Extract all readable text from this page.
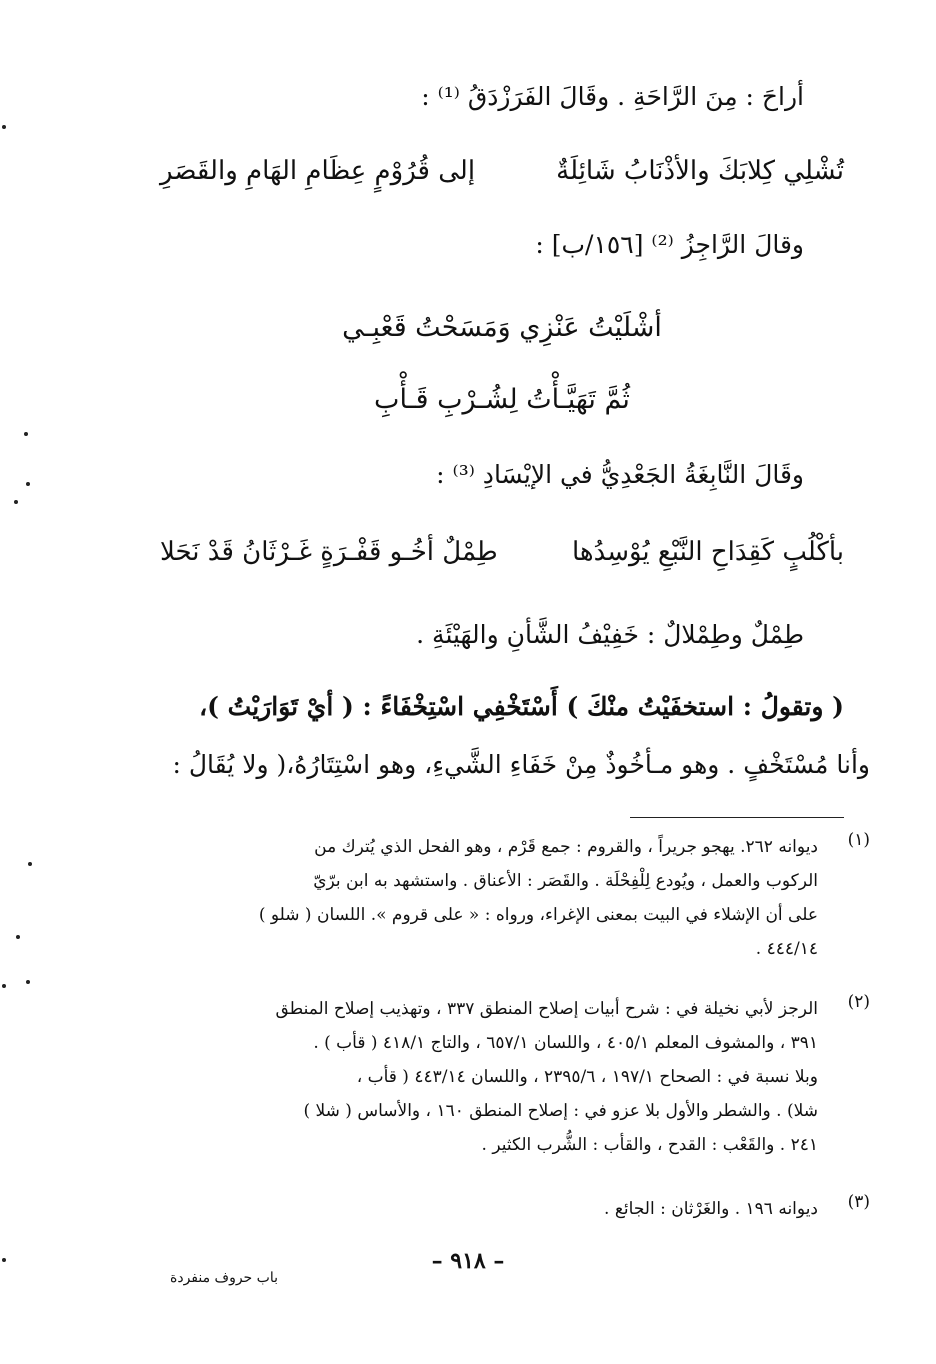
أراحَ : مِنَ الرَّاحَةِ . وقَالَ الفَرَزْدَقُ ⁽¹⁾ :
تُشْلِي كِلابَكَ والأذْنَابُ شَائِلَةٌ
إلى قُرُوْمٍ عِظَامِ الهَامِ والقَصَرِ
وقالَ الرَّاجِزُ ⁽²⁾ [١٥٦/ب] :
أشْلَيْتُ عَنْزِي وَمَسَحْتُ قَعْبِـي
ثُمَّ تَهَيَّـأْتُ لِشُـرْبِ قَـأْبِ
وقَالَ النَّابِغَةُ الجَعْدِيُّ في الإيْسَادِ ⁽³⁾ :
بأكْلُبٍ كَقِدَاحِ النَّبْعِ يُوْسِدُها
طِمْلٌ أخُـو قَفْـرَةٍ غَـرْثَانُ قَدْ نَحَلا
طِمْلٌ وطِمْلالٌ : خَفِيْفُ الشَّأنِ والهَيْئَةِ .
( وتقولُ : استخفَيْتُ منْكَ ) أَسْتَخْفِي اسْتِخْفَاءً : ( أيْ تَوَارَيْتُ )،
وأنا مُسْتَخْفٍ . وهو مـأخُوذٌ مِنْ خَفَاءِ الشَّيءِ، وهو اسْتِتَارُهُ،( ولا يُقَالُ :
(١)
ديوانه ٢٦٢. يهجو جريراً ، والقروم : جمع قَرْم ، وهو الفحل الذي يُترك من
الركوب والعمل ، ويُودع لِلْفِحْلَة . والقَصَر : الأعناق . واستشهد به ابن برّيّ
على أن الإشلاء في البيت بمعنى الإغراء، ورواه : « على قروم ». اللسان ( شلو )
٤٤٤/١٤ .
(٢)
الرجز لأبي نخيلة في : شرح أبيات إصلاح المنطق ٣٣٧ ، وتهذيب إصلاح المنطق
٣٩١ ، والمشوف المعلم ٤٠٥/١ ، واللسان ٦٥٧/١ ، والتاج ٤١٨/١ ( قأب ) .
وبلا نسبة في : الصحاح ١٩٧/١ ، ٢٣٩٥/٦ ، واللسان ٤٤٣/١٤ ( قأب ،
شلا) . والشطر والأول بلا عزو في : إصلاح المنطق ١٦٠ ، والأساس ( شلا )
٢٤١ . والقَعْب : القدح ، والقأب : الشُّرب الكثير .
(٣)
ديوانه ١٩٦ . والغَرْثان : الجائع .
– ٩١٨ –
باب حروف منفردة
